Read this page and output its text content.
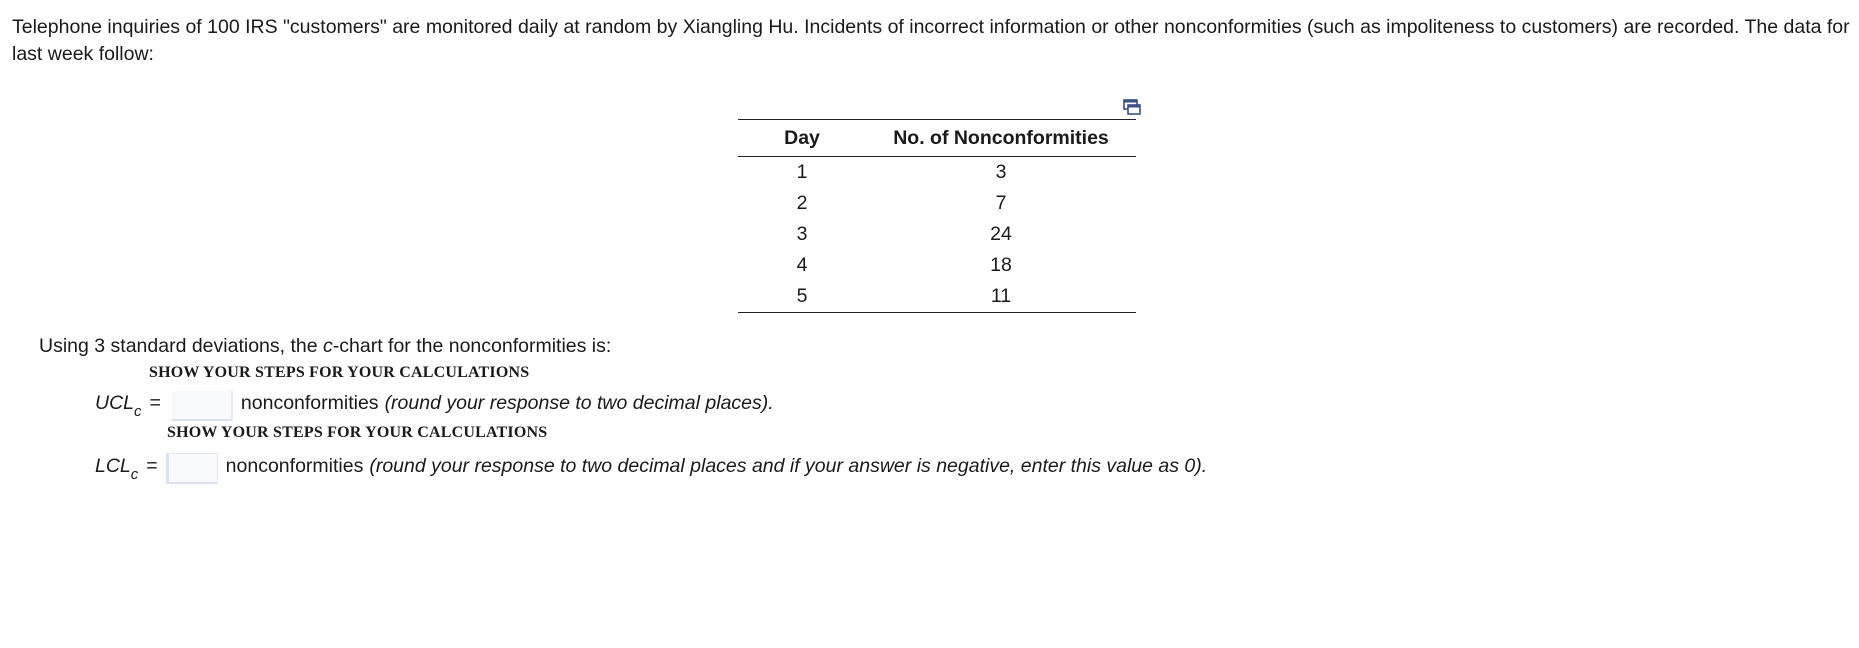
Telephone inquiries of 100 IRS "customers" are monitored daily at random by Xiangling Hu. Incidents of incorrect information or other nonconformities (such as impoliteness to customers) are recorded. The data for last week follow:

Day	No. of Nonconformities
1	3
2	7
3	24
4	18
5	11

Using 3 standard deviations, the c-chart for the nonconformities is:

SHOW YOUR STEPS FOR YOUR CALCULATIONS
$UCL_c$ =	nonconformities (round your response to two decimal places).
SHOW YOUR STEPS FOR YOUR CALCULATIONS
$LCL_c$ =	nonconformities (round your response to two decimal places and if your answer is negative, enter this value as 0).
